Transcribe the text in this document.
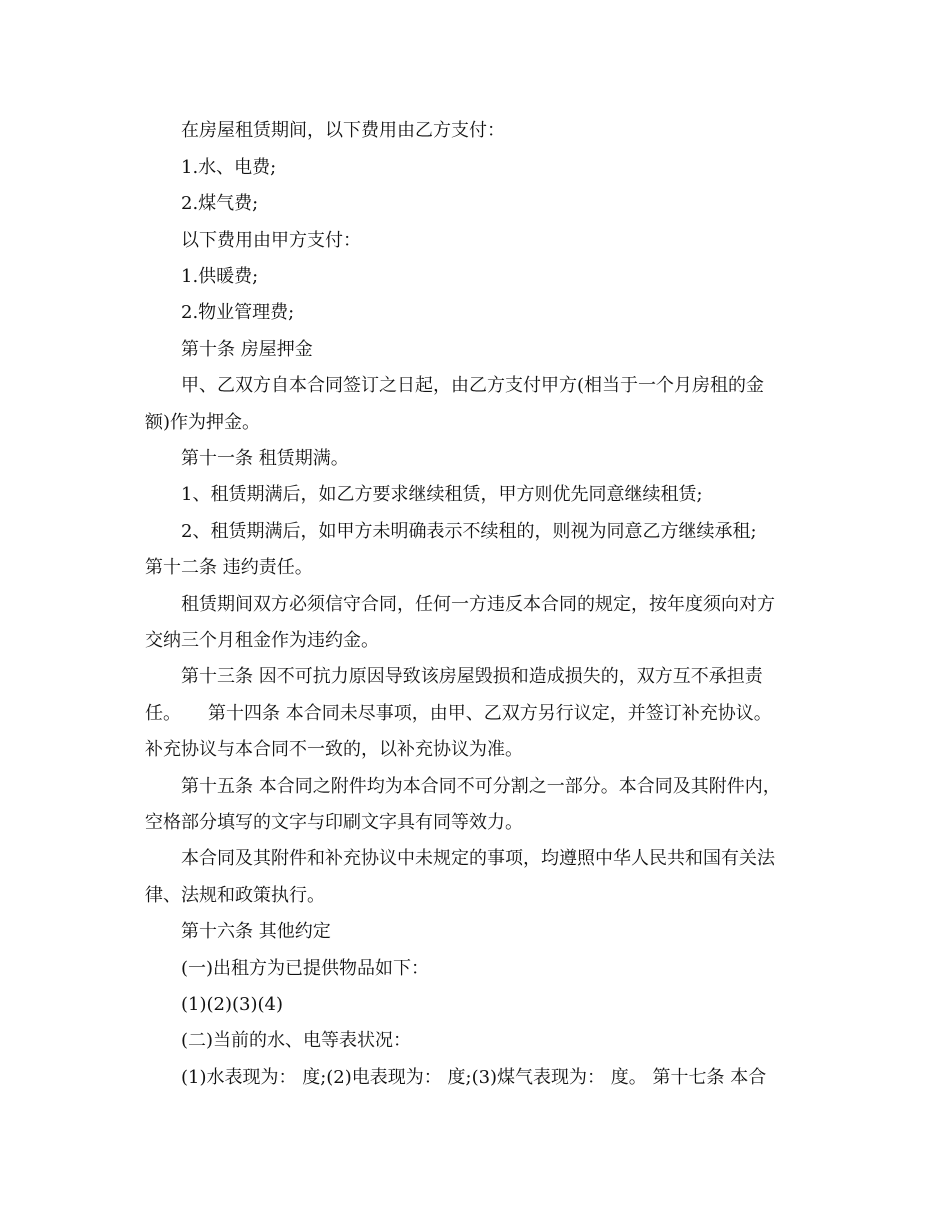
在房屋租赁期间，以下费用由乙方支付：
1.水、电费;
2.煤气费;
以下费用由甲方支付：
1.供暖费;
2.物业管理费;
第十条 房屋押金
甲、乙双方自本合同签订之日起，由乙方支付甲方(相当于一个月房租的金
额)作为押金。
第十一条 租赁期满。
1、租赁期满后，如乙方要求继续租赁，甲方则优先同意继续租赁;
2、租赁期满后，如甲方未明确表示不续租的，则视为同意乙方继续承租;
第十二条 违约责任。
租赁期间双方必须信守合同，任何一方违反本合同的规定，按年度须向对方
交纳三个月租金作为违约金。
第十三条 因不可抗力原因导致该房屋毁损和造成损失的，双方互不承担责
任。　　第十四条 本合同未尽事项，由甲、乙双方另行议定，并签订补充协议。
补充协议与本合同不一致的，以补充协议为准。
第十五条 本合同之附件均为本合同不可分割之一部分。本合同及其附件内，
空格部分填写的文字与印刷文字具有同等效力。
本合同及其附件和补充协议中未规定的事项，均遵照中华人民共和国有关法
律、法规和政策执行。
第十六条 其他约定
(一)出租方为已提供物品如下：
(1)(2)(3)(4)
(二)当前的水、电等表状况：
(1)水表现为： 度;(2)电表现为： 度;(3)煤气表现为： 度。 第十七条 本合
